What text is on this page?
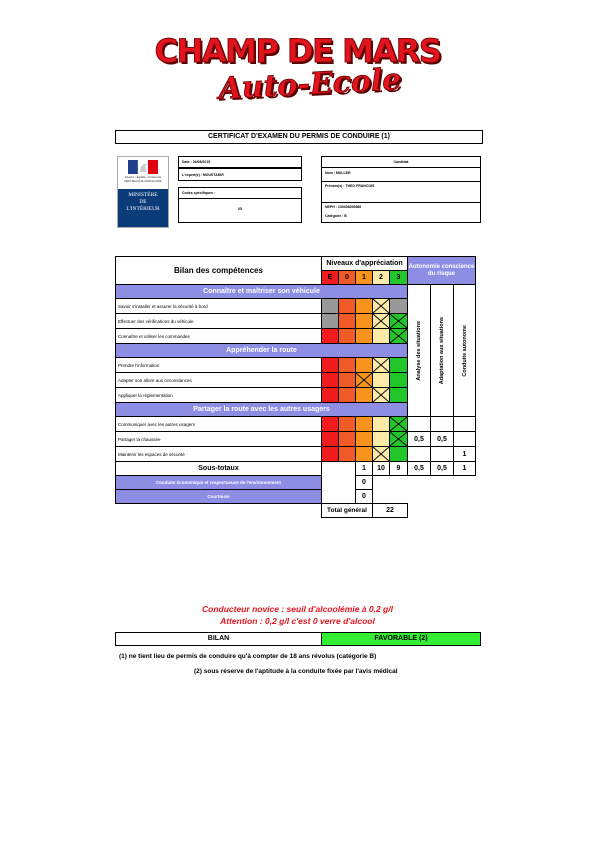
CHAMP DE MARS
Auto-Ecole
CERTIFICAT D'EXAMEN DU PERMIS DE CONDUIRE (1)
Liberté • Égalité • Fraternité
RÉPUBLIQUE FRANÇAISE
MINISTÈRE
DE
L'INTÉRIEUR
Date : 04/08/2015
L'expert(e) : MOUSTAKIR
Codes spécifiques :
05
Candidat
Nom : MULLER
Prénom(s) : THEO FRANCOIS
NEPH : 130408200886
Catégorie : B
Bilan des compétences	Niveaux d'appréciation					Autonomie conscience du risque		
	E	0	1	2	3			
Connaître et maîtriser son véhicule						Analyse des situations	Adaptation aux situations	Conduite autonome

Savoir s'installer et assurer la sécurité à bord				

Effectuer des vérifications du véhicule				

Connaître et utiliser les commandes					

Appréhender la route								
Prendre l'information				

Adapter son allure aux circonstances			

Appliquer la réglementation				

Partager la route avec les autres usagers								
Communiquer avec les autres usagers					

Partager la chaussée						0,5	0,5	
Maintenir les espaces de sécurité								1
Sous-totaux			1	10	9	0,5	0,5	1
Conduite économique et respectueuse de l'environnement			0					
Courtoisie			0					
	Total général			22				
Conducteur novice : seuil d'alcoolémie à 0,2 g/l
Attention : 0,2 g/l c'est 0 verre d'alcool
BILAN	FAVORABLE (2)
(1) ne tient lieu de permis de conduire qu'à compter de 18 ans révolus (catégorie B)
(2) sous réserve de l'aptitude à la conduite fixée par l'avis médical
